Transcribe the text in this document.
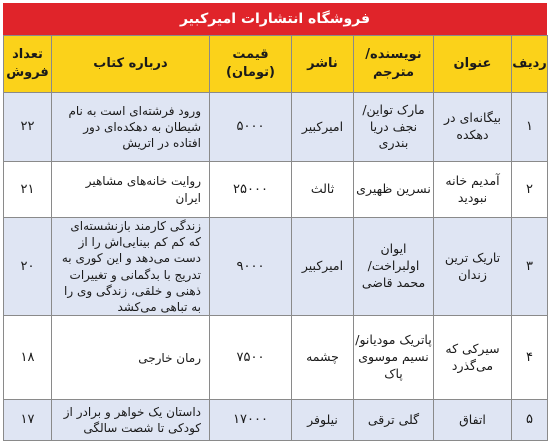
فروشگاه انتشارات امیرکبیر
ردیف	عنوان	نویسنده/ مترجم	ناشر	قیمت (تومان)	درباره کتاب	تعداد فروش
۱	بیگانه‌ای در دهکده	مارک تواین/ نجف دریا بندری	امیرکبیر	۵۰۰۰	ورود فرشته‌ای است به نام شیطان به دهکده‌ای دور افتاده در اتریش	۲۲
۲	آمدیم خانه نبودید	نسرین ظهیری	ثالث	۲۵۰۰۰	روایت خانه‌های مشاهیر ایران	۲۱
۳	تاریک ترین زندان	ایوان اولبراخت/ محمد قاضی	امیرکبیر	۹۰۰۰	زندگی کارمند بازنشسته‌ای که کم کم بینایی‌اش را از دست می‌دهد و این کوری به تدریج با بدگمانی و تغییرات ذهنی و خلقی، زندگی وی را به تباهی می‌کشد	۲۰
۴	سیرکی که می‌گذرد	پاتریک مودیانو/ نسیم موسوی پاک	چشمه	۷۵۰۰	رمان خارجی	۱۸
۵	اتفاق	گلی ترقی	نیلوفر	۱۷۰۰۰	داستان یک خواهر و برادر از کودکی تا شصت سالگی	۱۷
